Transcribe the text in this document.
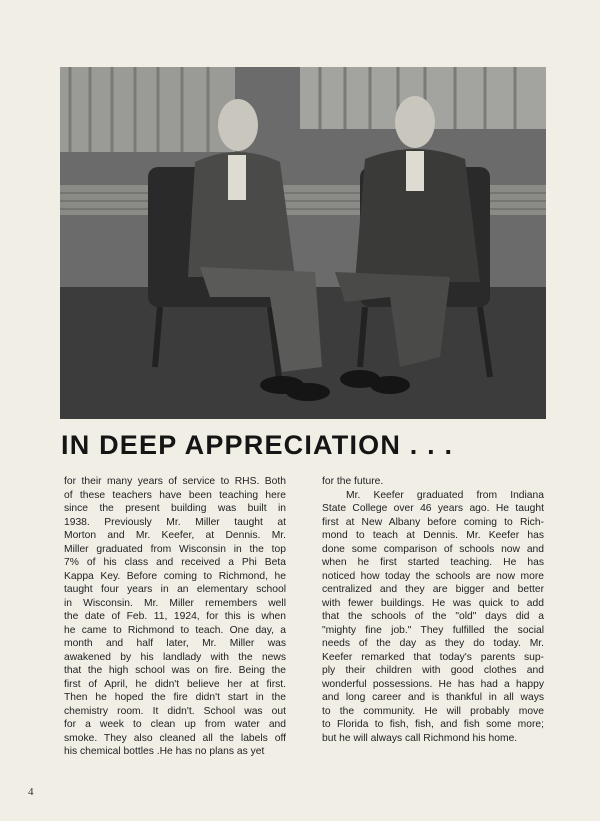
IN DEEP APPRECIATION . . .
for their many years of service to RHS. Both
of these teachers have been teaching here
since the present building was built in
1938. Previously Mr. Miller taught at
Morton and Mr. Keefer, at Dennis. Mr.
Miller graduated from Wisconsin in the top
7% of his class and received a Phi Beta
Kappa Key. Before coming to Richmond, he
taught four years in an elementary school
in Wisconsin. Mr. Miller remembers well
the date of Feb. 11, 1924, for this is when
he came to Richmond to teach. One day, a
month and half later, Mr. Miller was
awakened by his landlady with the news
that the high school was on fire. Being the
first of April, he didn't believe her at first.
Then he hoped the fire didn't start in the
chemistry room. It didn't. School was out
for a week to clean up from water and
smoke. They also cleaned all the labels off
his chemical bottles .He has no plans as yet
for the future.
Mr. Keefer graduated from Indiana
State College over 46 years ago. He taught
first at New Albany before coming to Rich-
mond to teach at Dennis. Mr. Keefer has
done some comparison of schools now and
when he first started teaching. He has
noticed how today the schools are now more
centralized and they are bigger and better
with fewer buildings. He was quick to add
that the schools of the "old" days did a
"mighty fine job." They fulfilled the social
needs of the day as they do today. Mr.
Keefer remarked that today's parents sup-
ply their children with good clothes and
wonderful possessions. He has had a happy
and long career and is thankful in all ways
to the community. He will probably move
to Florida to fish, fish, and fish some more;
but he will always call Richmond his home.
4
